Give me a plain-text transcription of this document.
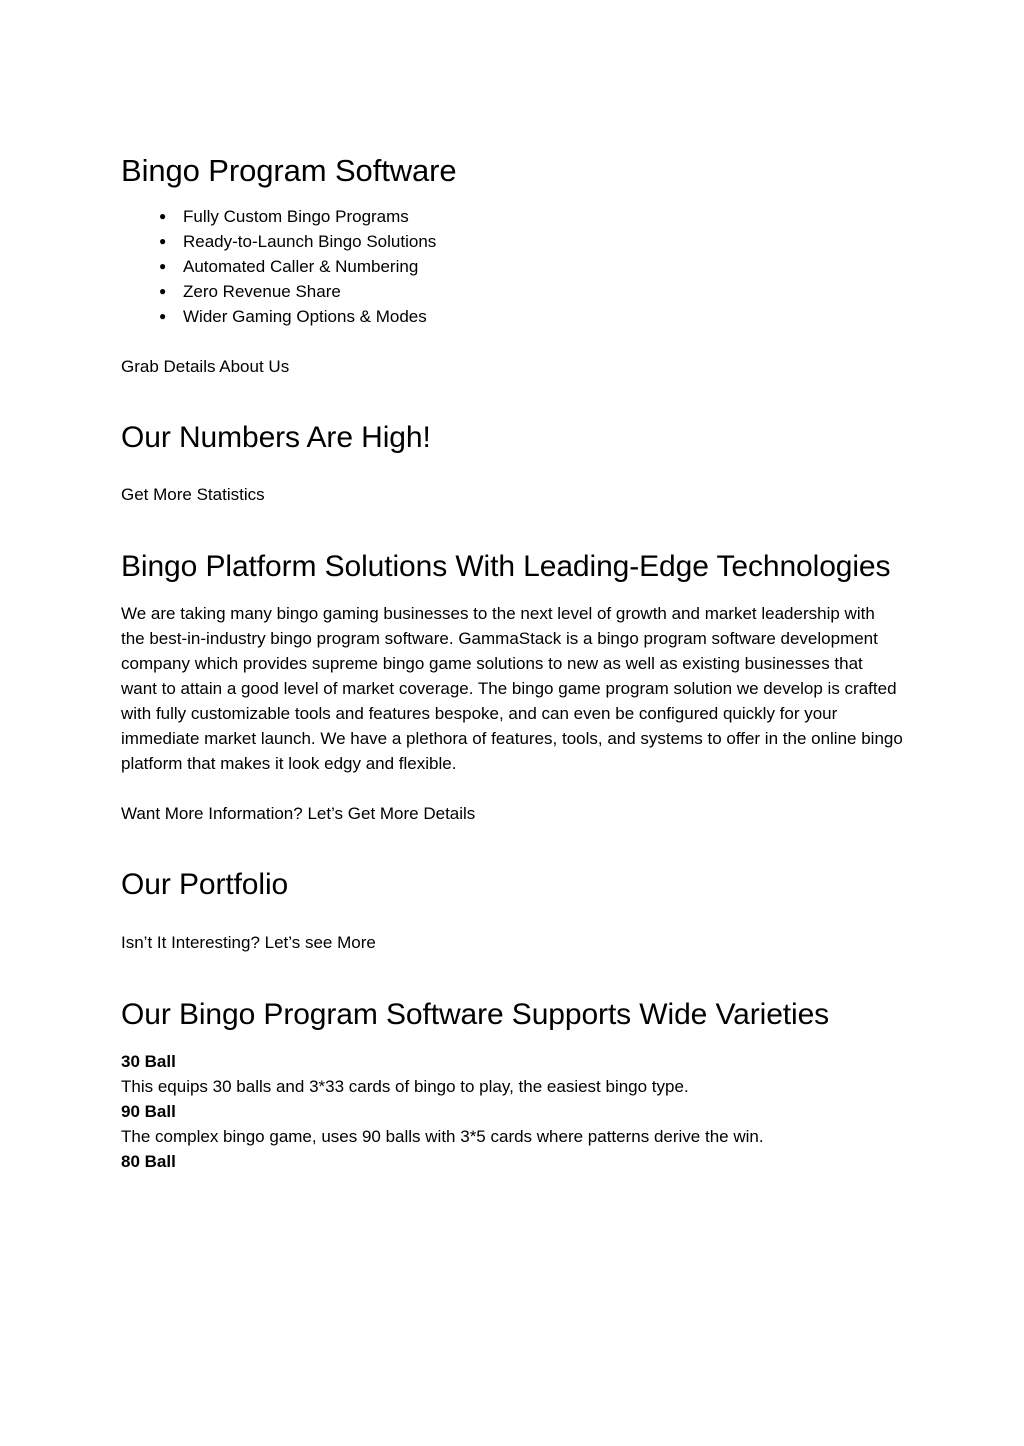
Bingo Program Software
● Fully Custom Bingo Programs
● Ready-to-Launch Bingo Solutions
● Automated Caller & Numbering
● Zero Revenue Share
● Wider Gaming Options & Modes

Grab Details About Us

Our Numbers Are High!

Get More Statistics

Bingo Platform Solutions With Leading-Edge Technologies

We are taking many bingo gaming businesses to the next level of growth and market leadership with the best-in-industry bingo program software. GammaStack is a bingo program software development company which provides supreme bingo game solutions to new as well as existing businesses that want to attain a good level of market coverage. The bingo game program solution we develop is crafted with fully customizable tools and features bespoke, and can even be configured quickly for your immediate market launch. We have a plethora of features, tools, and systems to offer in the online bingo platform that makes it look edgy and flexible.

Want More Information? Let’s Get More Details

Our Portfolio

Isn’t It Interesting? Let’s see More

Our Bingo Program Software Supports Wide Varieties
30 Ball
This equips 30 balls and 3*33 cards of bingo to play, the easiest bingo type.
90 Ball
The complex bingo game, uses 90 balls with 3*5 cards where patterns derive the win.
80 Ball
